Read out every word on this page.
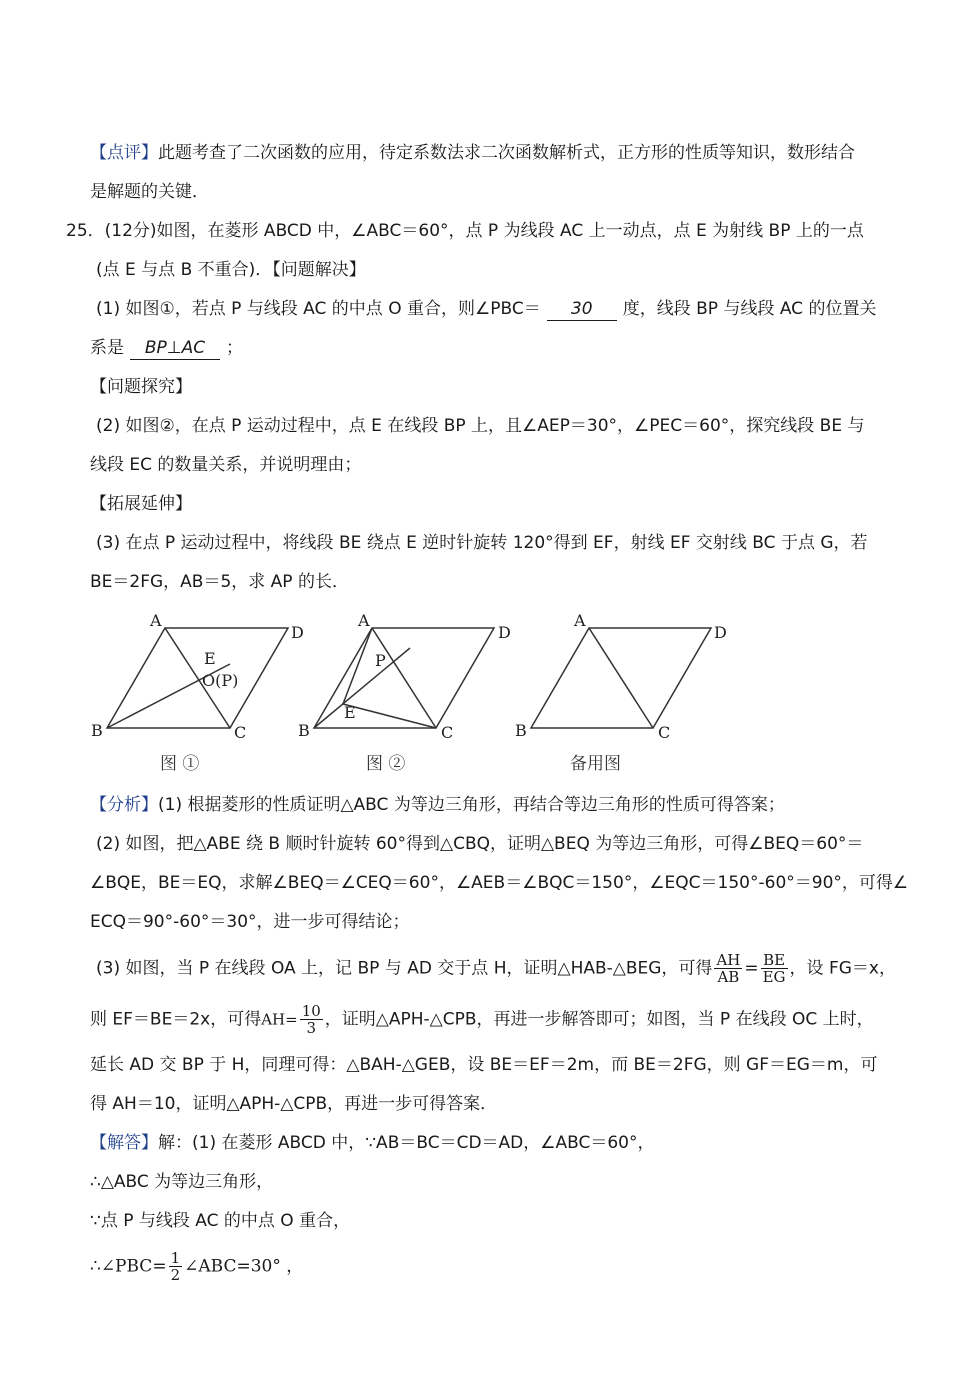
【点评】此题考查了二次函数的应用，待定系数法求二次函数解析式，正方形的性质等知识，数形结合
是解题的关键．
25．(12分)如图，在菱形 ABCD 中，∠ABC＝60°，点 P 为线段 AC 上一动点，点 E 为射线 BP 上的一点
(点 E 与点 B 不重合)．【问题解决】
(1) 如图①，若点 P 与线段 AC 的中点 O 重合，则∠PBC＝ 30 度，线段 BP 与线段 AC 的位置关
系是 BP⊥AC ；
【问题探究】
(2) 如图②，在点 P 运动过程中，点 E 在线段 BP 上，且∠AEP＝30°，∠PEC＝60°，探究线段 BE 与
线段 EC 的数量关系，并说明理由；
【拓展延伸】
(3) 在点 P 运动过程中，将线段 BE 绕点 E 逆时针旋转 120°得到 EF，射线 EF 交射线 BC 于点 G，若
BE＝2FG，AB＝5，求 AP 的长．
A
D
B	C
E
O(P)
A
D
B	C
P
E
A
D
B	C
图 ①	图 ②	备用图
【分析】(1) 根据菱形的性质证明△ABC 为等边三角形，再结合等边三角形的性质可得答案；
(2) 如图，把△ABE 绕 B 顺时针旋转 60°得到△CBQ，证明△BEQ 为等边三角形，可得∠BEQ＝60°＝
∠BQE，BE＝EQ，求解∠BEQ＝∠CEQ＝60°，∠AEB＝∠BQC＝150°，∠EQC＝150°-60°＝90°，可得∠
ECQ＝90°-60°＝30°，进一步可得结论；
(3) 如图，当 P 在线段 OA 上，记 BP 与 AD 交于点 H，证明△HAB-△BEG，可得 $\frac{AH}{AB} = \frac{BE}{EG}$ ，设 FG＝x，
则 EF＝BE＝2x，可得$AH= \frac{10}{3}$ ，证明△APH-△CPB，再进一步解答即可；如图，当 P 在线段 OC 上时，
延长 AD 交 BP 于 H，同理可得：△BAH-△GEB，设 BE＝EF＝2m，而 BE＝2FG，则 GF＝EG＝m，可
得 AH＝10，证明△APH-△CPB，再进一步可得答案．
【解答】解：(1) 在菱形 ABCD 中，∵AB＝BC＝CD＝AD，∠ABC＝60°，
∴△ABC 为等边三角形，
∵点 P 与线段 AC 的中点 O 重合，
∴∠PBC= $\frac{1}{2}$ ∠ABC=30° ，
